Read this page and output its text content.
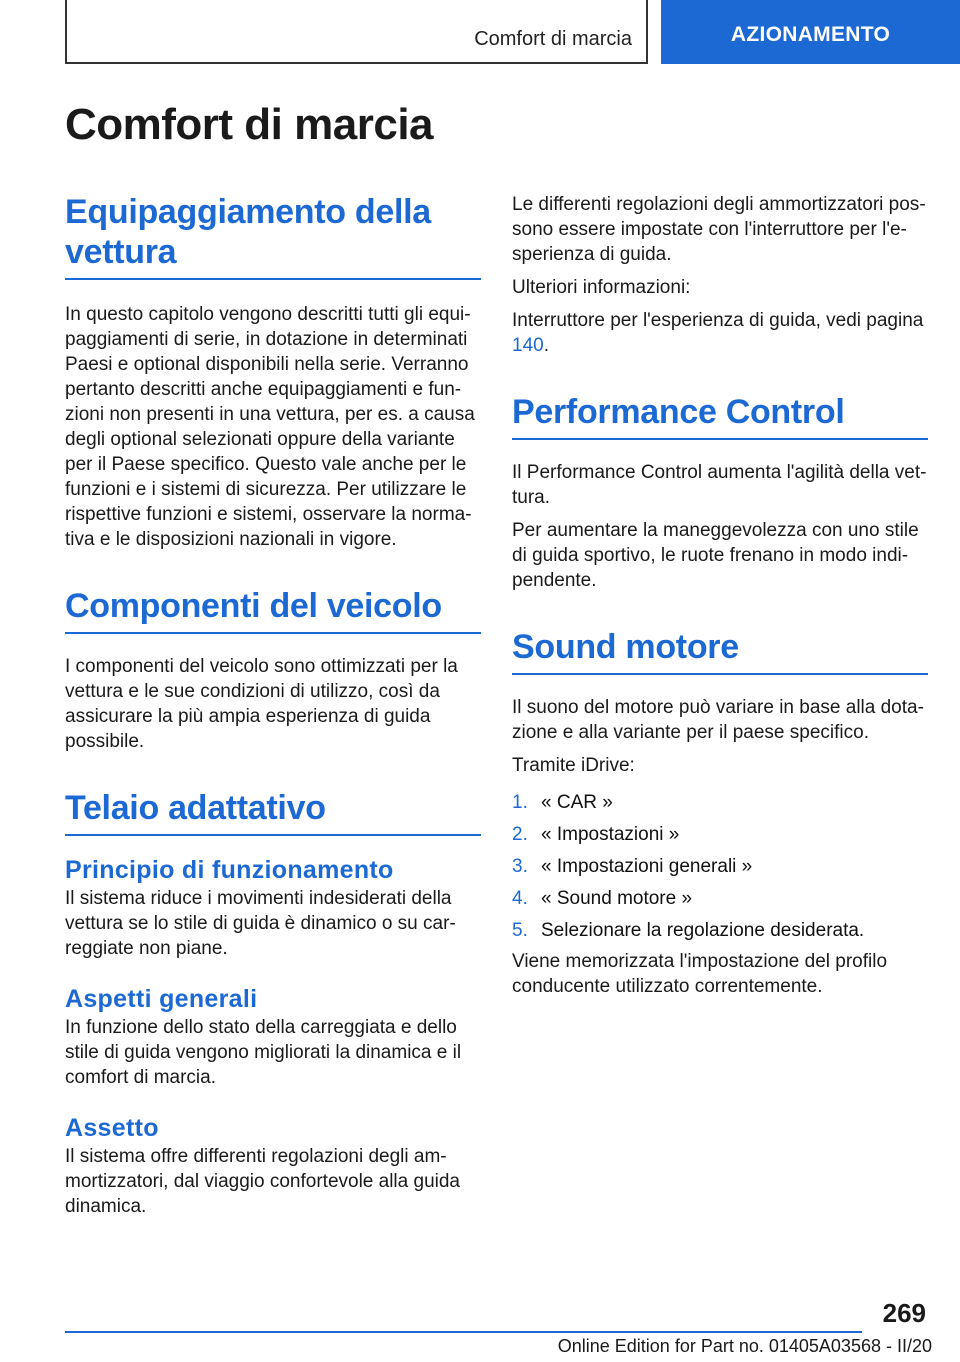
Comfort di marcia	AZIONAMENTO
Comfort di marcia
Equipaggiamento della vettura

In questo capitolo vengono descritti tutti gli equipaggiamenti di serie, in dotazione in determinati Paesi e optional disponibili nella serie. Verranno pertanto descritti anche equipaggiamenti e funzioni non presenti in una vettura, per es. a causa degli optional selezionati oppure della variante per il Paese specifico. Questo vale anche per le funzioni e i sistemi di sicurezza. Per utilizzare le rispettive funzioni e sistemi, osservare la normativa e le disposizioni nazionali in vigore.

Componenti del veicolo

I componenti del veicolo sono ottimizzati per la vettura e le sue condizioni di utilizzo, così da assicurare la più ampia esperienza di guida possibile.

Telaio adattativo
Principio di funzionamento

Il sistema riduce i movimenti indesiderati della vettura se lo stile di guida è dinamico o su carreggiate non piane.

Aspetti generali

In funzione dello stato della carreggiata e dello stile di guida vengono migliorati la dinamica e il comfort di marcia.

Assetto

Il sistema offre differenti regolazioni degli ammortizzatori, dal viaggio confortevole alla guida dinamica.

Le differenti regolazioni degli ammortizzatori possono essere impostate con l'interruttore per l'esperienza di guida.

Ulteriori informazioni:

Interruttore per l'esperienza di guida, vedi pagina 140.

Performance Control

Il Performance Control aumenta l'agilità della vettura.

Per aumentare la maneggevolezza con uno stile di guida sportivo, le ruote frenano in modo indipendente.

Sound motore

Il suono del motore può variare in base alla dotazione e alla variante per il paese specifico.

Tramite iDrive:

1. « CAR »
2. « Impostazioni »
3. « Impostazioni generali »
4. « Sound motore »
5. Selezionare la regolazione desiderata.

Viene memorizzata l'impostazione del profilo conducente utilizzato correntemente.

269
Online Edition for Part no. 01405A03568 - II/20
